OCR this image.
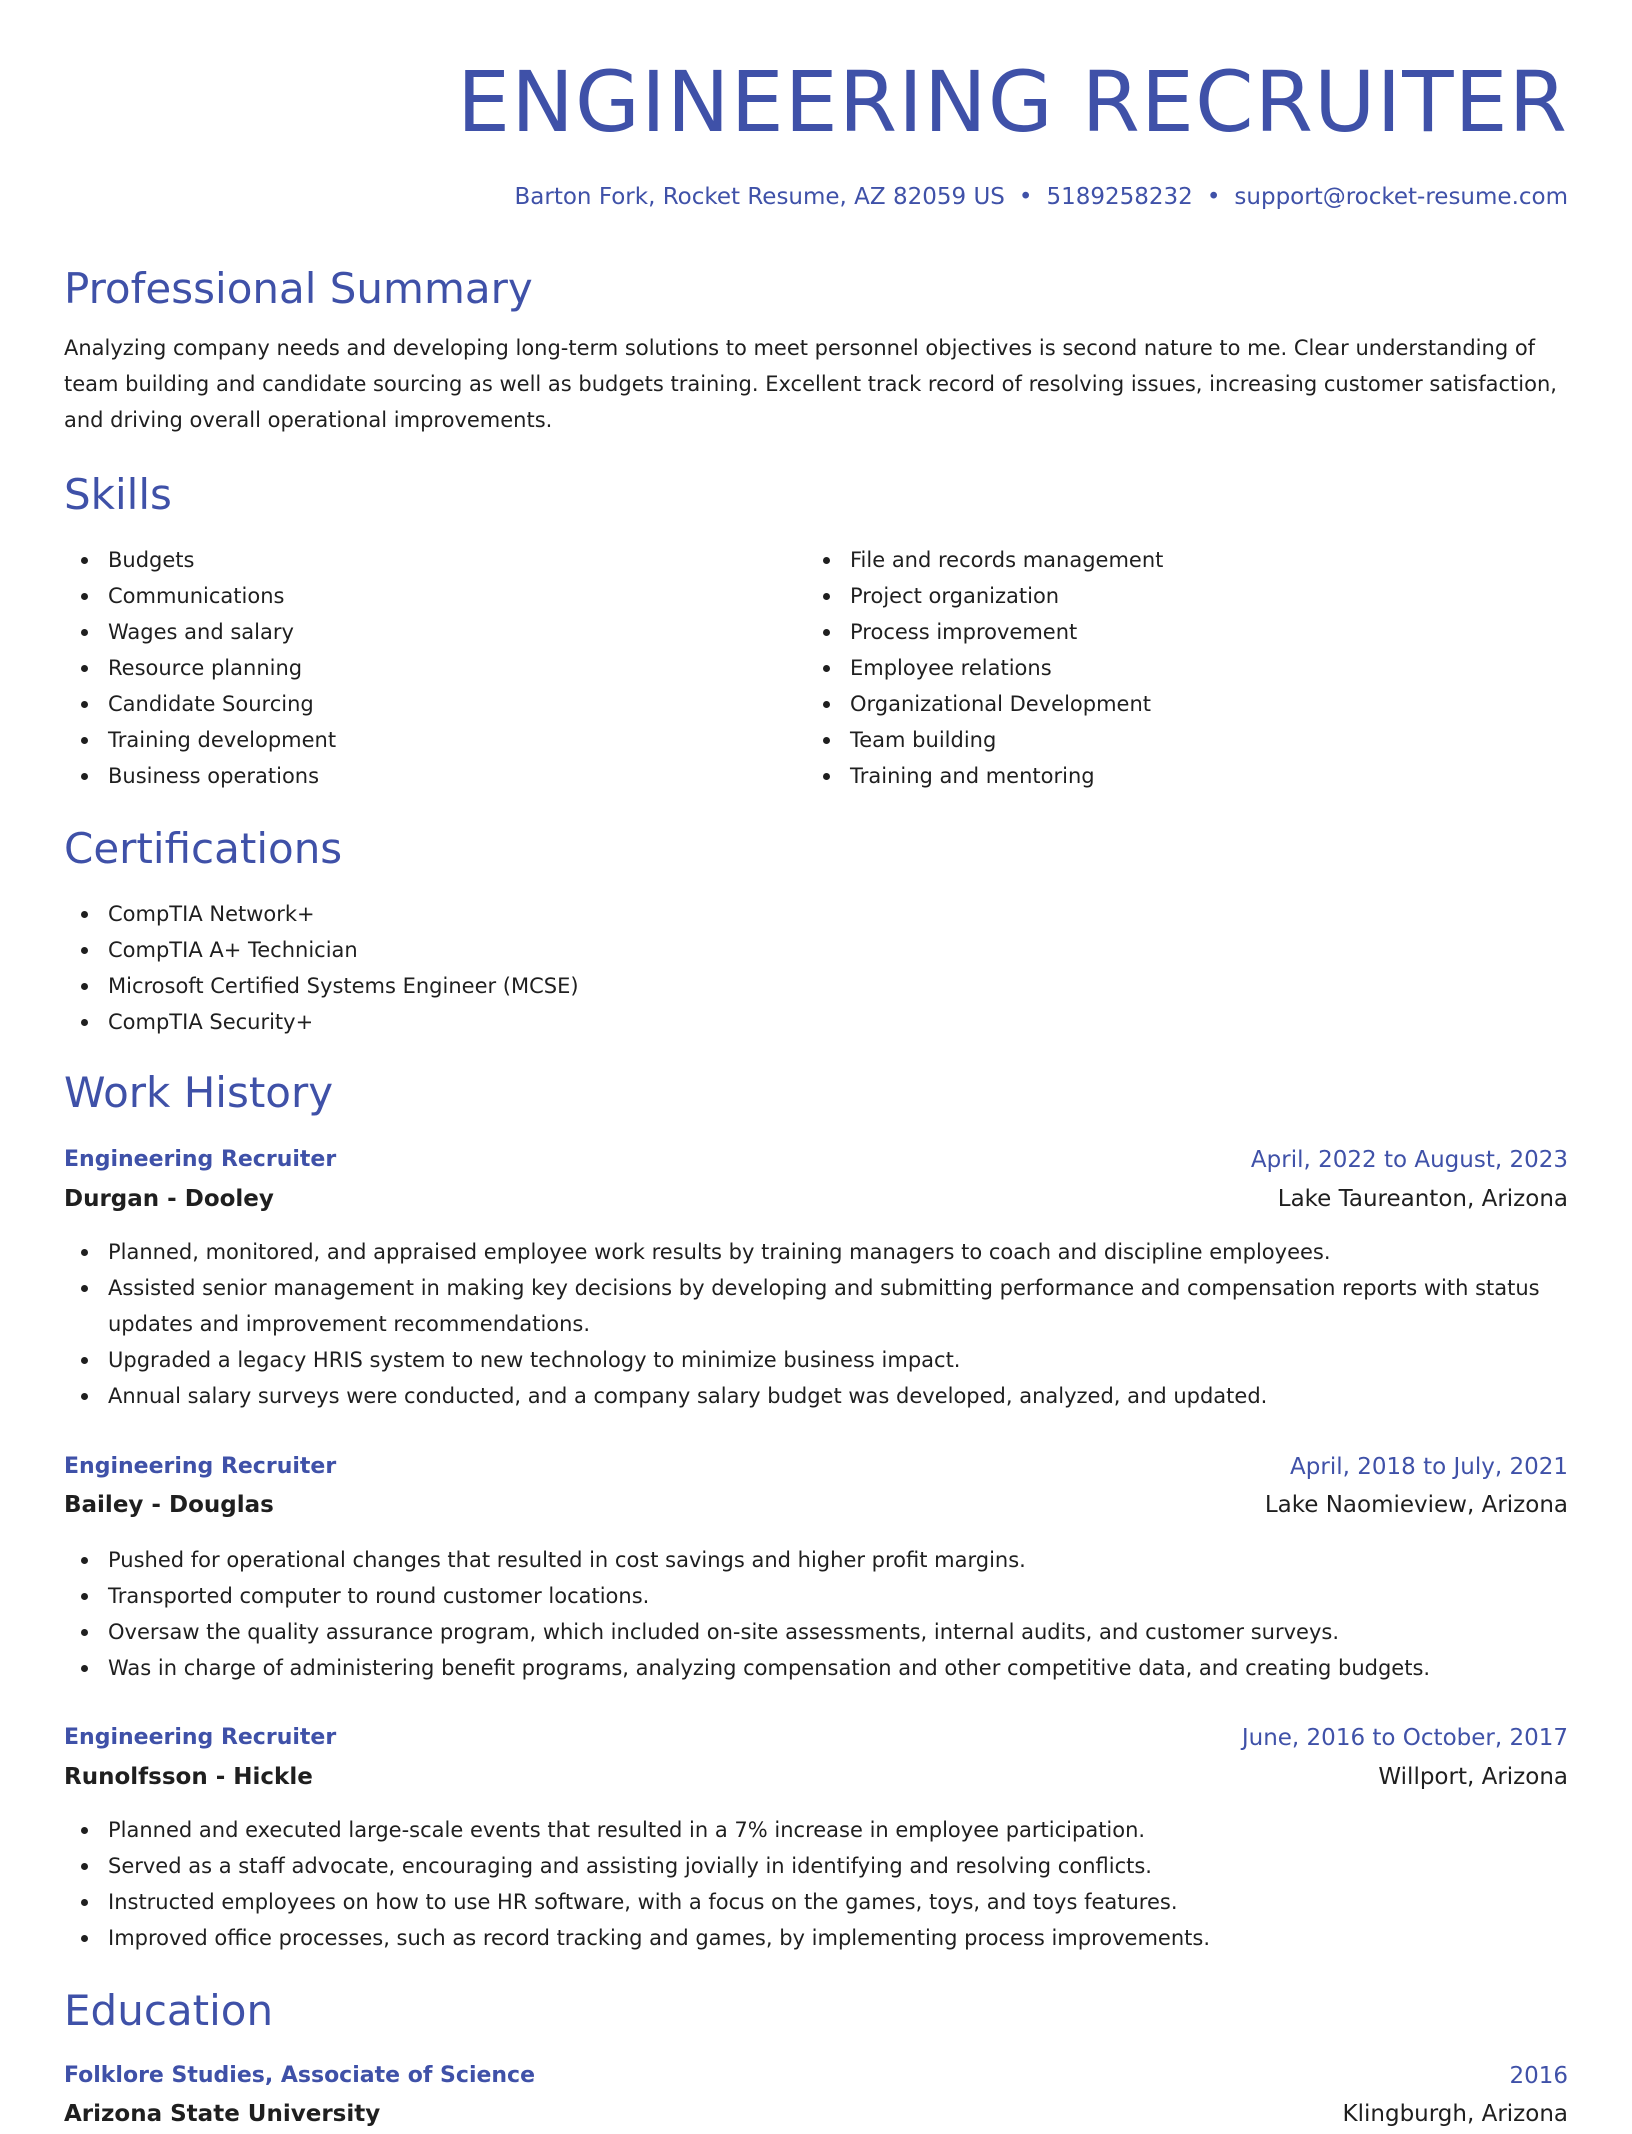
ENGINEERING RECRUITER
Barton Fork, Rocket Resume, AZ 82059 US • 5189258232 • support@rocket-resume.com
Professional Summary

Analyzing company needs and developing long-term solutions to meet personnel objectives is second nature to me. Clear understanding of team building and candidate sourcing as well as budgets training. Excellent track record of resolving issues, increasing customer satisfaction, and driving overall operational improvements.

Skills
Budgets
Communications
Wages and salary
Resource planning
Candidate Sourcing
Training development
Business operations
File and records management
Project organization
Process improvement
Employee relations
Organizational Development
Team building
Training and mentoring
Certifications
CompTIA Network+
CompTIA A+ Technician
Microsoft Certified Systems Engineer (MCSE)
CompTIA Security+
Work History
Engineering Recruiter	April, 2022 to August, 2023
Durgan - Dooley	Lake Taureanton, Arizona
Planned, monitored, and appraised employee work results by training managers to coach and discipline employees.
Assisted senior management in making key decisions by developing and submitting performance and compensation reports with status updates and improvement recommendations.
Upgraded a legacy HRIS system to new technology to minimize business impact.
Annual salary surveys were conducted, and a company salary budget was developed, analyzed, and updated.
Engineering Recruiter	April, 2018 to July, 2021
Bailey - Douglas	Lake Naomieview, Arizona
Pushed for operational changes that resulted in cost savings and higher profit margins.
Transported computer to round customer locations.
Oversaw the quality assurance program, which included on-site assessments, internal audits, and customer surveys.
Was in charge of administering benefit programs, analyzing compensation and other competitive data, and creating budgets.
Engineering Recruiter	June, 2016 to October, 2017
Runolfsson - Hickle	Willport, Arizona
Planned and executed large-scale events that resulted in a 7% increase in employee participation.
Served as a staff advocate, encouraging and assisting jovially in identifying and resolving conflicts.
Instructed employees on how to use HR software, with a focus on the games, toys, and toys features.
Improved office processes, such as record tracking and games, by implementing process improvements.
Education
Folklore Studies, Associate of Science	2016
Arizona State University	Klingburgh, Arizona
